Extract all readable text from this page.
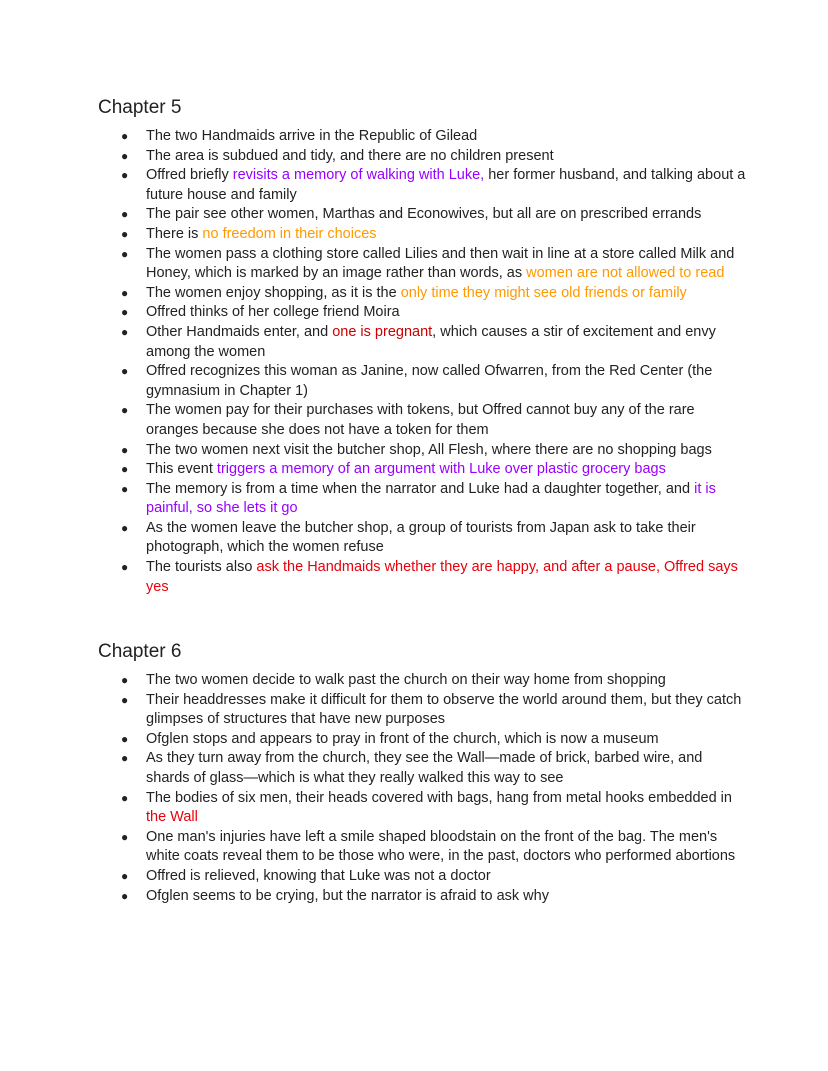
Chapter 5
● The two Handmaids arrive in the Republic of Gilead
● The area is subdued and tidy, and there are no children present
● Offred briefly revisits a memory of walking with Luke, her former husband, and talking about a future house and family
● The pair see other women, Marthas and Econowives, but all are on prescribed errands
● There is no freedom in their choices
● The women pass a clothing store called Lilies and then wait in line at a store called Milk and Honey, which is marked by an image rather than words, as women are not allowed to read
● The women enjoy shopping, as it is the only time they might see old friends or family
● Offred thinks of her college friend Moira
● Other Handmaids enter, and one is pregnant, which causes a stir of excitement and envy among the women
● Offred recognizes this woman as Janine, now called Ofwarren, from the Red Center (the gymnasium in Chapter 1)
● The women pay for their purchases with tokens, but Offred cannot buy any of the rare oranges because she does not have a token for them
● The two women next visit the butcher shop, All Flesh, where there are no shopping bags
● This event triggers a memory of an argument with Luke over plastic grocery bags
● The memory is from a time when the narrator and Luke had a daughter together, and it is painful, so she lets it go
● As the women leave the butcher shop, a group of tourists from Japan ask to take their photograph, which the women refuse
● The tourists also ask the Handmaids whether they are happy, and after a pause, Offred says yes
Chapter 6
● The two women decide to walk past the church on their way home from shopping
● Their headdresses make it difficult for them to observe the world around them, but they catch glimpses of structures that have new purposes
● Ofglen stops and appears to pray in front of the church, which is now a museum
● As they turn away from the church, they see the Wall—made of brick, barbed wire, and shards of glass—which is what they really walked this way to see
● The bodies of six men, their heads covered with bags, hang from metal hooks embedded in the Wall
● One man's injuries have left a smile shaped bloodstain on the front of the bag. The men's white coats reveal them to be those who were, in the past, doctors who performed abortions
● Offred is relieved, knowing that Luke was not a doctor
● Ofglen seems to be crying, but the narrator is afraid to ask why
